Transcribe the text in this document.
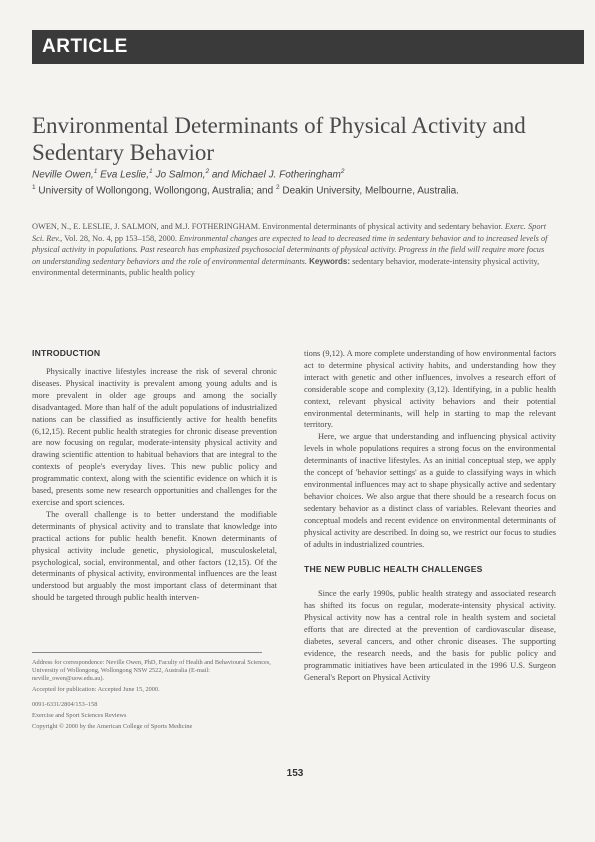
ARTICLE
Environmental Determinants of Physical Activity and Sedentary Behavior
Neville Owen,$^1$ Eva Leslie,$^1$ Jo Salmon,$^2$ and Michael J. Fotheringham$^2$
$^1$ University of Wollongong, Wollongong, Australia; and $^2$ Deakin University, Melbourne, Australia.

OWEN, N., E. LESLIE, J. SALMON, and M.J. FOTHERINGHAM. Environmental determinants of physical activity and sedentary behavior. Exerc. Sport Sci. Rev., Vol. 28, No. 4, pp 153–158, 2000. Environmental changes are expected to lead to decreased time in sedentary behavior and to increased levels of physical activity in populations. Past research has emphasized psychosocial determinants of physical activity. Progress in the field will require more focus on understanding sedentary behaviors and the role of environmental determinants. Keywords: sedentary behavior, moderate-intensity physical activity, environmental determinants, public health policy

INTRODUCTION

Physically inactive lifestyles increase the risk of several chronic diseases. Physical inactivity is prevalent among young adults and is more prevalent in older age groups and among the socially disadvantaged. More than half of the adult populations of industrialized nations can be classified as insufficiently active for health benefits (6,12,15). Recent public health strategies for chronic disease prevention are now focusing on regular, moderate-intensity physical activity and drawing scientific attention to habitual behaviors that are integral to the contexts of people's everyday lives. This new public policy and programmatic context, along with the scientific evidence on which it is based, presents some new research opportunities and challenges for the exercise and sport sciences.

The overall challenge is to better understand the modifiable determinants of physical activity and to translate that knowledge into practical actions for public health benefit. Known determinants of physical activity include genetic, physiological, musculoskeletal, psychological, social, environmental, and other factors (12,15). Of the determinants of physical activity, environmental influences are the least understood but arguably the most important class of determinant that should be targeted through public health interven-

tions (9,12). A more complete understanding of how environmental factors act to determine physical activity habits, and understanding how they interact with genetic and other influences, involves a research effort of considerable scope and complexity (3,12). Identifying, in a public health context, relevant physical activity behaviors and their potential environmental determinants, will help in starting to map the relevant territory.

Here, we argue that understanding and influencing physical activity levels in whole populations requires a strong focus on the environmental determinants of inactive lifestyles. As an initial conceptual step, we apply the concept of 'behavior settings' as a guide to classifying ways in which environmental influences may act to shape physically active and sedentary behavior choices. We also argue that there should be a research focus on sedentary behavior as a distinct class of variables. Relevant theories and conceptual models and recent evidence on environmental determinants of physical activity are described. In doing so, we restrict our focus to studies of adults in industrialized countries.

THE NEW PUBLIC HEALTH CHALLENGES

Since the early 1990s, public health strategy and associated research has shifted its focus on regular, moderate-intensity physical activity. Physical activity now has a central role in health system and societal efforts that are directed at the prevention of cardiovascular disease, diabetes, several cancers, and other chronic diseases. The supporting evidence, the research needs, and the basis for public policy and programmatic initiatives have been articulated in the 1996 U.S. Surgeon General's Report on Physical Activity

Address for correspondence: Neville Owen, PhD, Faculty of Health and Behavioural Sciences, University of Wollongong, Wollongong NSW 2522, Australia (E-mail: neville_owen@uow.edu.au).

Accepted for publication: Accepted June 15, 2000.

0091-6331/2804/153–158

Exercise and Sport Sciences Reviews

Copyright © 2000 by the American College of Sports Medicine

153
